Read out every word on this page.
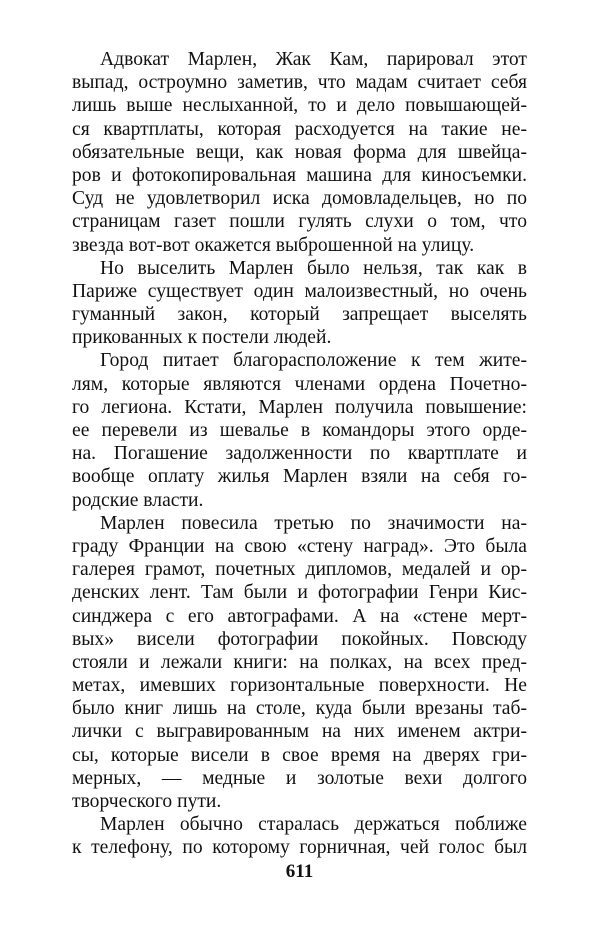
Адвокат Марлен, Жак Кам, парировал этот
выпад, остроумно заметив, что мадам считает себя
лишь выше неслыханной, то и дело повышающей-
ся квартплаты, которая расходуется на такие не-
обязательные вещи, как новая форма для швейца-
ров и фотокопировальная машина для киносъемки.
Суд не удовлетворил иска домовладельцев, но по
страницам газет пошли гулять слухи о том, что
звезда вот-вот окажется выброшенной на улицу.
Но выселить Марлен было нельзя, так как в
Париже существует один малоизвестный, но очень
гуманный закон, который запрещает выселять
прикованных к постели людей.
Город питает благорасположение к тем жите-
лям, которые являются членами ордена Почетно-
го легиона. Кстати, Марлен получила повышение:
ее перевели из шевалье в командоры этого орде-
на. Погашение задолженности по квартплате и
вообще оплату жилья Марлен взяли на себя го-
родские власти.
Марлен повесила третью по значимости на-
граду Франции на свою «стену наград». Это была
галерея грамот, почетных дипломов, медалей и ор-
денских лент. Там были и фотографии Генри Кис-
синджера с его автографами. А на «стене мерт-
вых» висели фотографии покойных. Повсюду
стояли и лежали книги: на полках, на всех пред-
метах, имевших горизонтальные поверхности. Не
было книг лишь на столе, куда были врезаны таб-
лички с выгравированным на них именем актри-
сы, которые висели в свое время на дверях гри-
мерных, — медные и золотые вехи долгого
творческого пути.
Марлен обычно старалась держаться поближе
к телефону, по которому горничная, чей голос был
611
